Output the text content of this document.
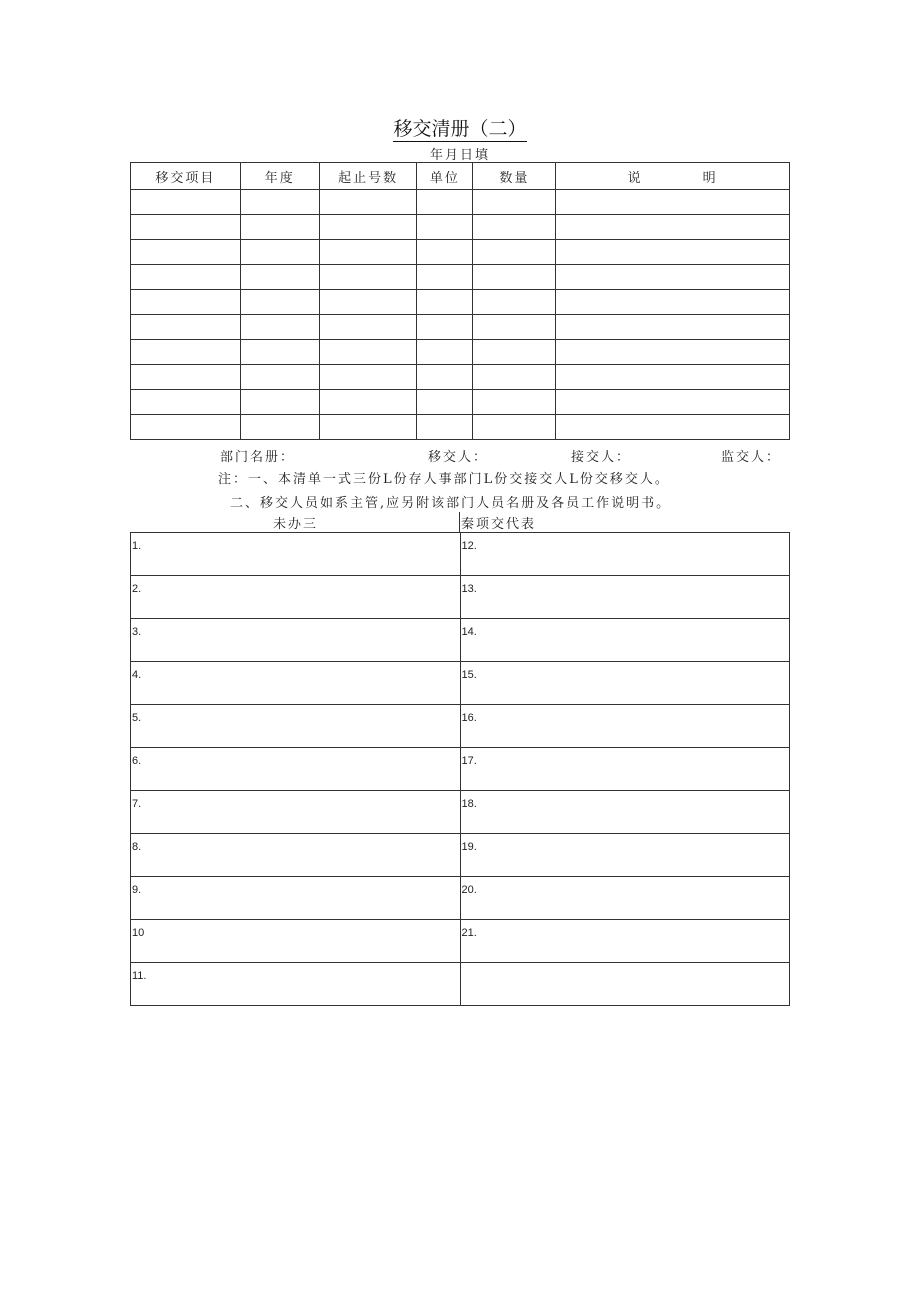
移交清册（二）
年月日填
移交项目	年度	起止号数	单位	数量	说　　　　明

部门名册：	移交人：	接交人：	监交人：
注：一、本清单一式三份L份存人事部门L份交接交人L份交移交人。
二、移交人员如系主管,应另附该部门人员名册及各员工作说明书。
未办三	秦项交代表
1.	12.
2.	13.
3.	14.
4.	15.
5.	16.
6.	17.
7.	18.
8.	19.
9.	20.
10	21.
11.	
